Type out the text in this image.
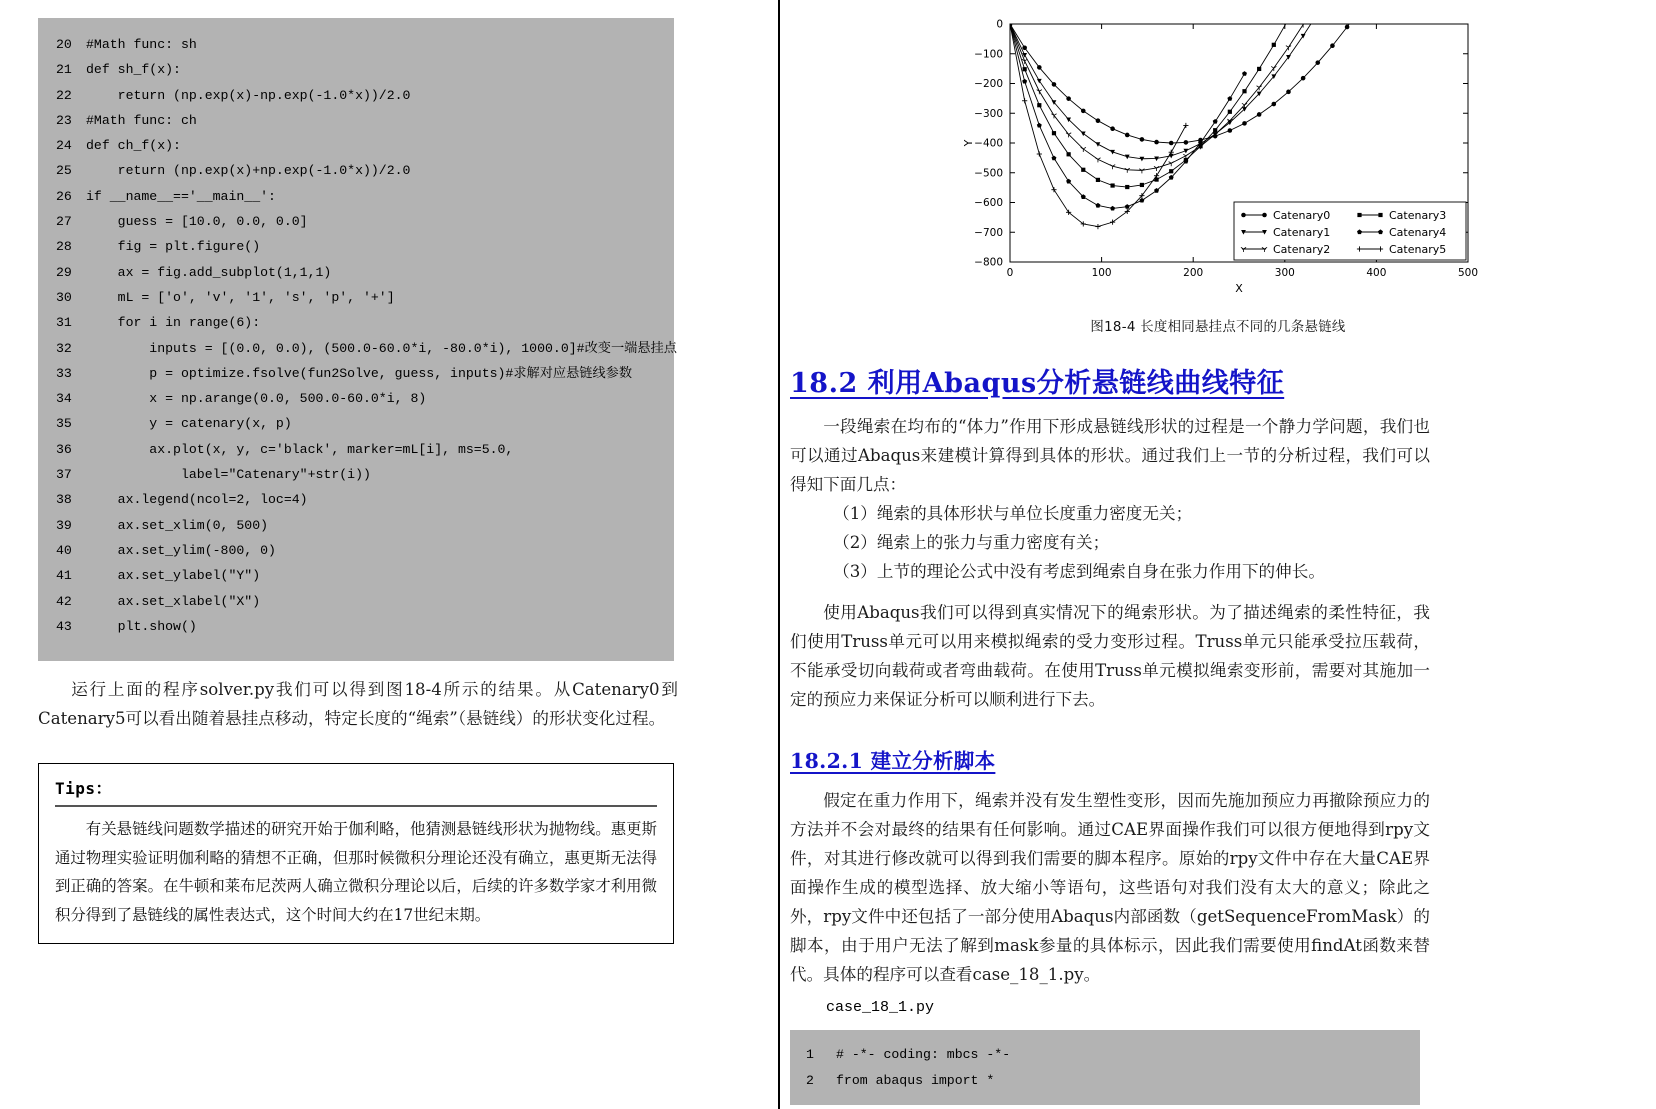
20 #Math func: sh
21 def sh_f(x):
22    return (np.exp(x)-np.exp(-1.0*x))/2.0
23 #Math func: ch
24 def ch_f(x):
25    return (np.exp(x)+np.exp(-1.0*x))/2.0
26 if __name__=='__main__':
27    guess = [10.0, 0.0, 0.0]
28    fig = plt.figure()
29    ax = fig.add_subplot(1,1,1)
30    mL = ['o', 'v', '1', 's', 'p', '+']
31    for i in range(6):
32        inputs = [(0.0, 0.0), (500.0-60.0*i, -80.0*i), 1000.0]#改变一端悬挂点
33        p = optimize.fsolve(fun2Solve, guess, inputs)#求解对应悬链线参数
34        x = np.arange(0.0, 500.0-60.0*i, 8)
35        y = catenary(x, p)
36        ax.plot(x, y, c='black', marker=mL[i], ms=5.0,
37            label="Catenary"+str(i))
38    ax.legend(ncol=2, loc=4)
39    ax.set_xlim(0, 500)
40    ax.set_ylim(-800, 0)
41    ax.set_ylabel("Y")
42    ax.set_xlabel("X")
43    plt.show()
运行上面的程序solver.py我们可以得到图18-4所示的结果。从Catenary0到Catenary5可以看出随着悬挂点移动，特定长度的“绳索”（悬链线）的形状变化过程。
Tips：
有关悬链线问题数学描述的研究开始于伽利略，他猜测悬链线形状为抛物线。惠更斯通过物理实验证明伽利略的猜想不正确，但那时候微积分理论还没有确立，惠更斯无法得到正确的答案。在牛顿和莱布尼茨两人确立微积分理论以后，后续的许多数学家才利用微积分得到了悬链线的属性表达式，这个时间大约在17世纪末期。
0	100	200	300	400	500
−800
−700
−600
−500
−400
−300
−200
−100
0
X
Y
Catenary0
Catenary1
Catenary2
Catenary3
Catenary4
Catenary5
图18-4 长度相同悬挂点不同的几条悬链线
18.2 利用Abaqus分析悬链线曲线特征
一段绳索在均布的“体力”作用下形成悬链线形状的过程是一个静力学问题，我们也可以通过Abaqus来建模计算得到具体的形状。通过我们上一节的分析过程，我们可以得知下面几点：
（1）绳索的具体形状与单位长度重力密度无关；
（2）绳索上的张力与重力密度有关；
（3）上节的理论公式中没有考虑到绳索自身在张力作用下的伸长。
使用Abaqus我们可以得到真实情况下的绳索形状。为了描述绳索的柔性特征，我们使用Truss单元可以用来模拟绳索的受力变形过程。Truss单元只能承受拉压载荷，不能承受切向载荷或者弯曲载荷。在使用Truss单元模拟绳索变形前，需要对其施加一定的预应力来保证分析可以顺利进行下去。
18.2.1 建立分析脚本
假定在重力作用下，绳索并没有发生塑性变形，因而先施加预应力再撤除预应力的方法并不会对最终的结果有任何影响。通过CAE界面操作我们可以很方便地得到rpy文件，对其进行修改就可以得到我们需要的脚本程序。原始的rpy文件中存在大量CAE界面操作生成的模型选择、放大缩小等语句，这些语句对我们没有太大的意义；除此之外，rpy文件中还包括了一部分使用Abaqus内部函数（getSequenceFromMask）的脚本，由于用户无法了解到mask参量的具体标示，因此我们需要使用findAt函数来替代。具体的程序可以查看case_18_1.py。
case_18_1.py
1 # -*- coding: mbcs -*-
2 from abaqus import *
